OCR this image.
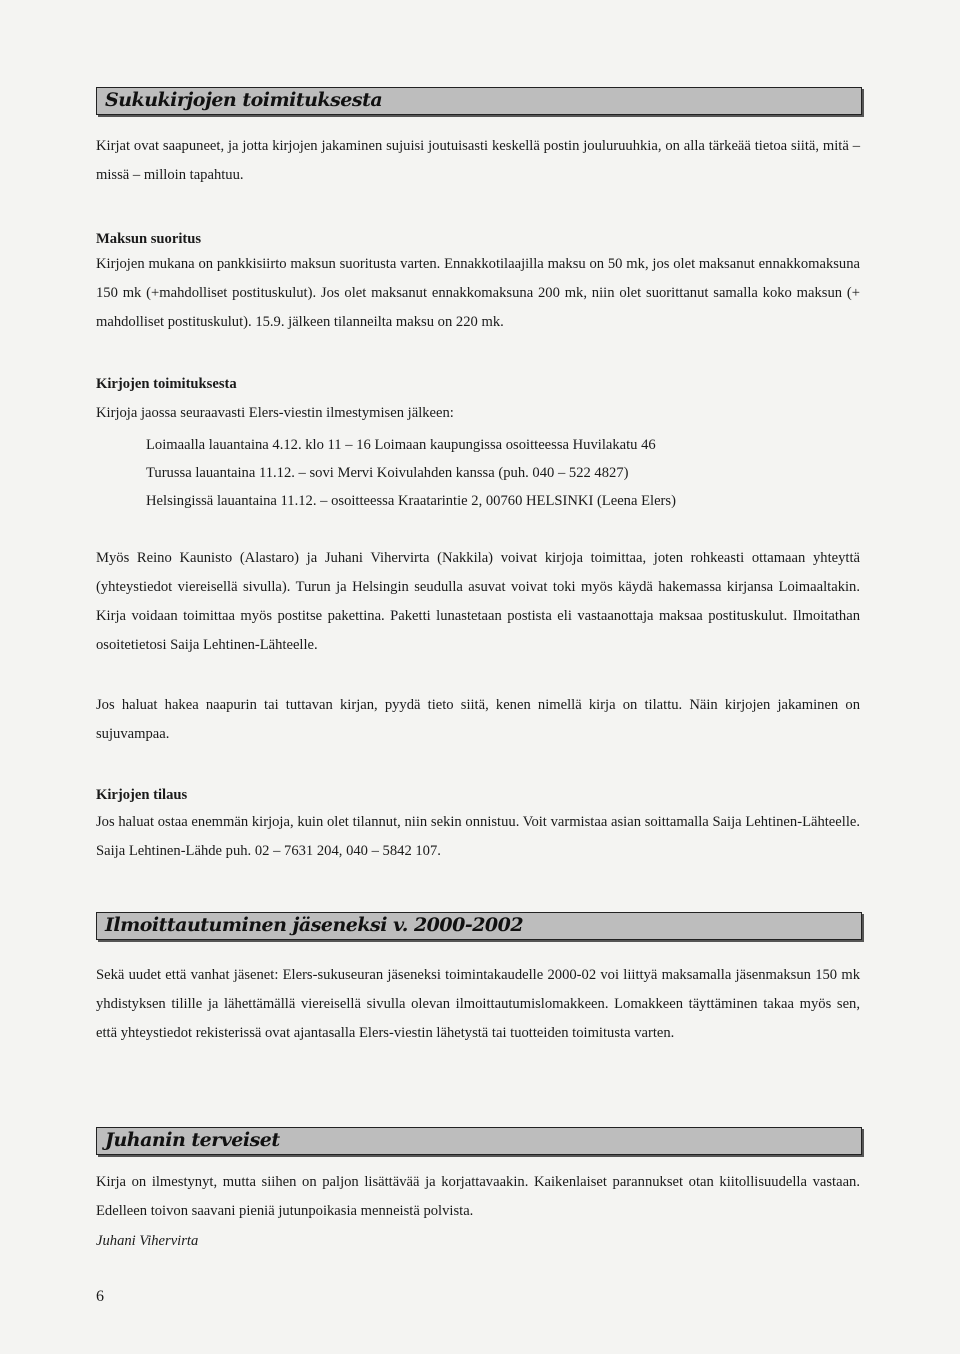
Sukukirjojen toimituksesta

Kirjat ovat saapuneet, ja jotta kirjojen jakaminen sujuisi joutuisasti keskellä postin jouluruuhkia, on alla tärkeää tietoa siitä, mitä – missä – milloin tapahtuu.

Maksun suoritus

Kirjojen mukana on pankkisiirto maksun suoritusta varten. Ennakkotilaajilla maksu on 50 mk, jos olet maksanut ennakkomaksuna 150 mk (+mahdolliset postituskulut). Jos olet maksanut ennakkomaksuna 200 mk, niin olet suorittanut samalla koko maksun (+ mahdolliset postituskulut). 15.9. jälkeen tilanneilta maksu on 220 mk.

Kirjojen toimituksesta

Kirjoja jaossa seuraavasti Elers-viestin ilmestymisen jälkeen:

Loimaalla lauantaina 4.12. klo 11 – 16 Loimaan kaupungissa osoitteessa Huvilakatu 46
Turussa lauantaina 11.12. – sovi Mervi Koivulahden kanssa (puh. 040 – 522 4827)
Helsingissä lauantaina 11.12. – osoitteessa Kraatarintie 2, 00760 HELSINKI (Leena Elers)

Myös Reino Kaunisto (Alastaro) ja Juhani Vihervirta (Nakkila) voivat kirjoja toimittaa, joten rohkeasti ottamaan yhteyttä (yhteystiedot viereisellä sivulla). Turun ja Helsingin seudulla asuvat voivat toki myös käydä hakemassa kirjansa Loimaaltakin. Kirja voidaan toimittaa myös postitse pakettina. Paketti lunastetaan postista eli vastaanottaja maksaa postituskulut. Ilmoitathan osoitetietosi Saija Lehtinen-Lähteelle.

Jos haluat hakea naapurin tai tuttavan kirjan, pyydä tieto siitä, kenen nimellä kirja on tilattu. Näin kirjojen jakaminen on sujuvampaa.

Kirjojen tilaus

Jos haluat ostaa enemmän kirjoja, kuin olet tilannut, niin sekin onnistuu. Voit varmistaa asian soittamalla Saija Lehtinen-Lähteelle. Saija Lehtinen-Lähde puh. 02 – 7631 204, 040 – 5842 107.

Ilmoittautuminen jäseneksi v. 2000-2002

Sekä uudet että vanhat jäsenet: Elers-sukuseuran jäseneksi toimintakaudelle 2000-02 voi liittyä maksamalla jäsenmaksun 150 mk yhdistyksen tilille ja lähettämällä viereisellä sivulla olevan ilmoittautumislomakkeen. Lomakkeen täyttäminen takaa myös sen, että yhteystiedot rekisterissä ovat ajantasalla Elers-viestin lähetystä tai tuotteiden toimitusta varten.

Juhanin terveiset

Kirja on ilmestynyt, mutta siihen on paljon lisättävää ja korjattavaakin. Kaikenlaiset parannukset otan kiitollisuudella vastaan. Edelleen toivon saavani pieniä jutunpoikasia menneistä polvista.

Juhani Vihervirta
6
